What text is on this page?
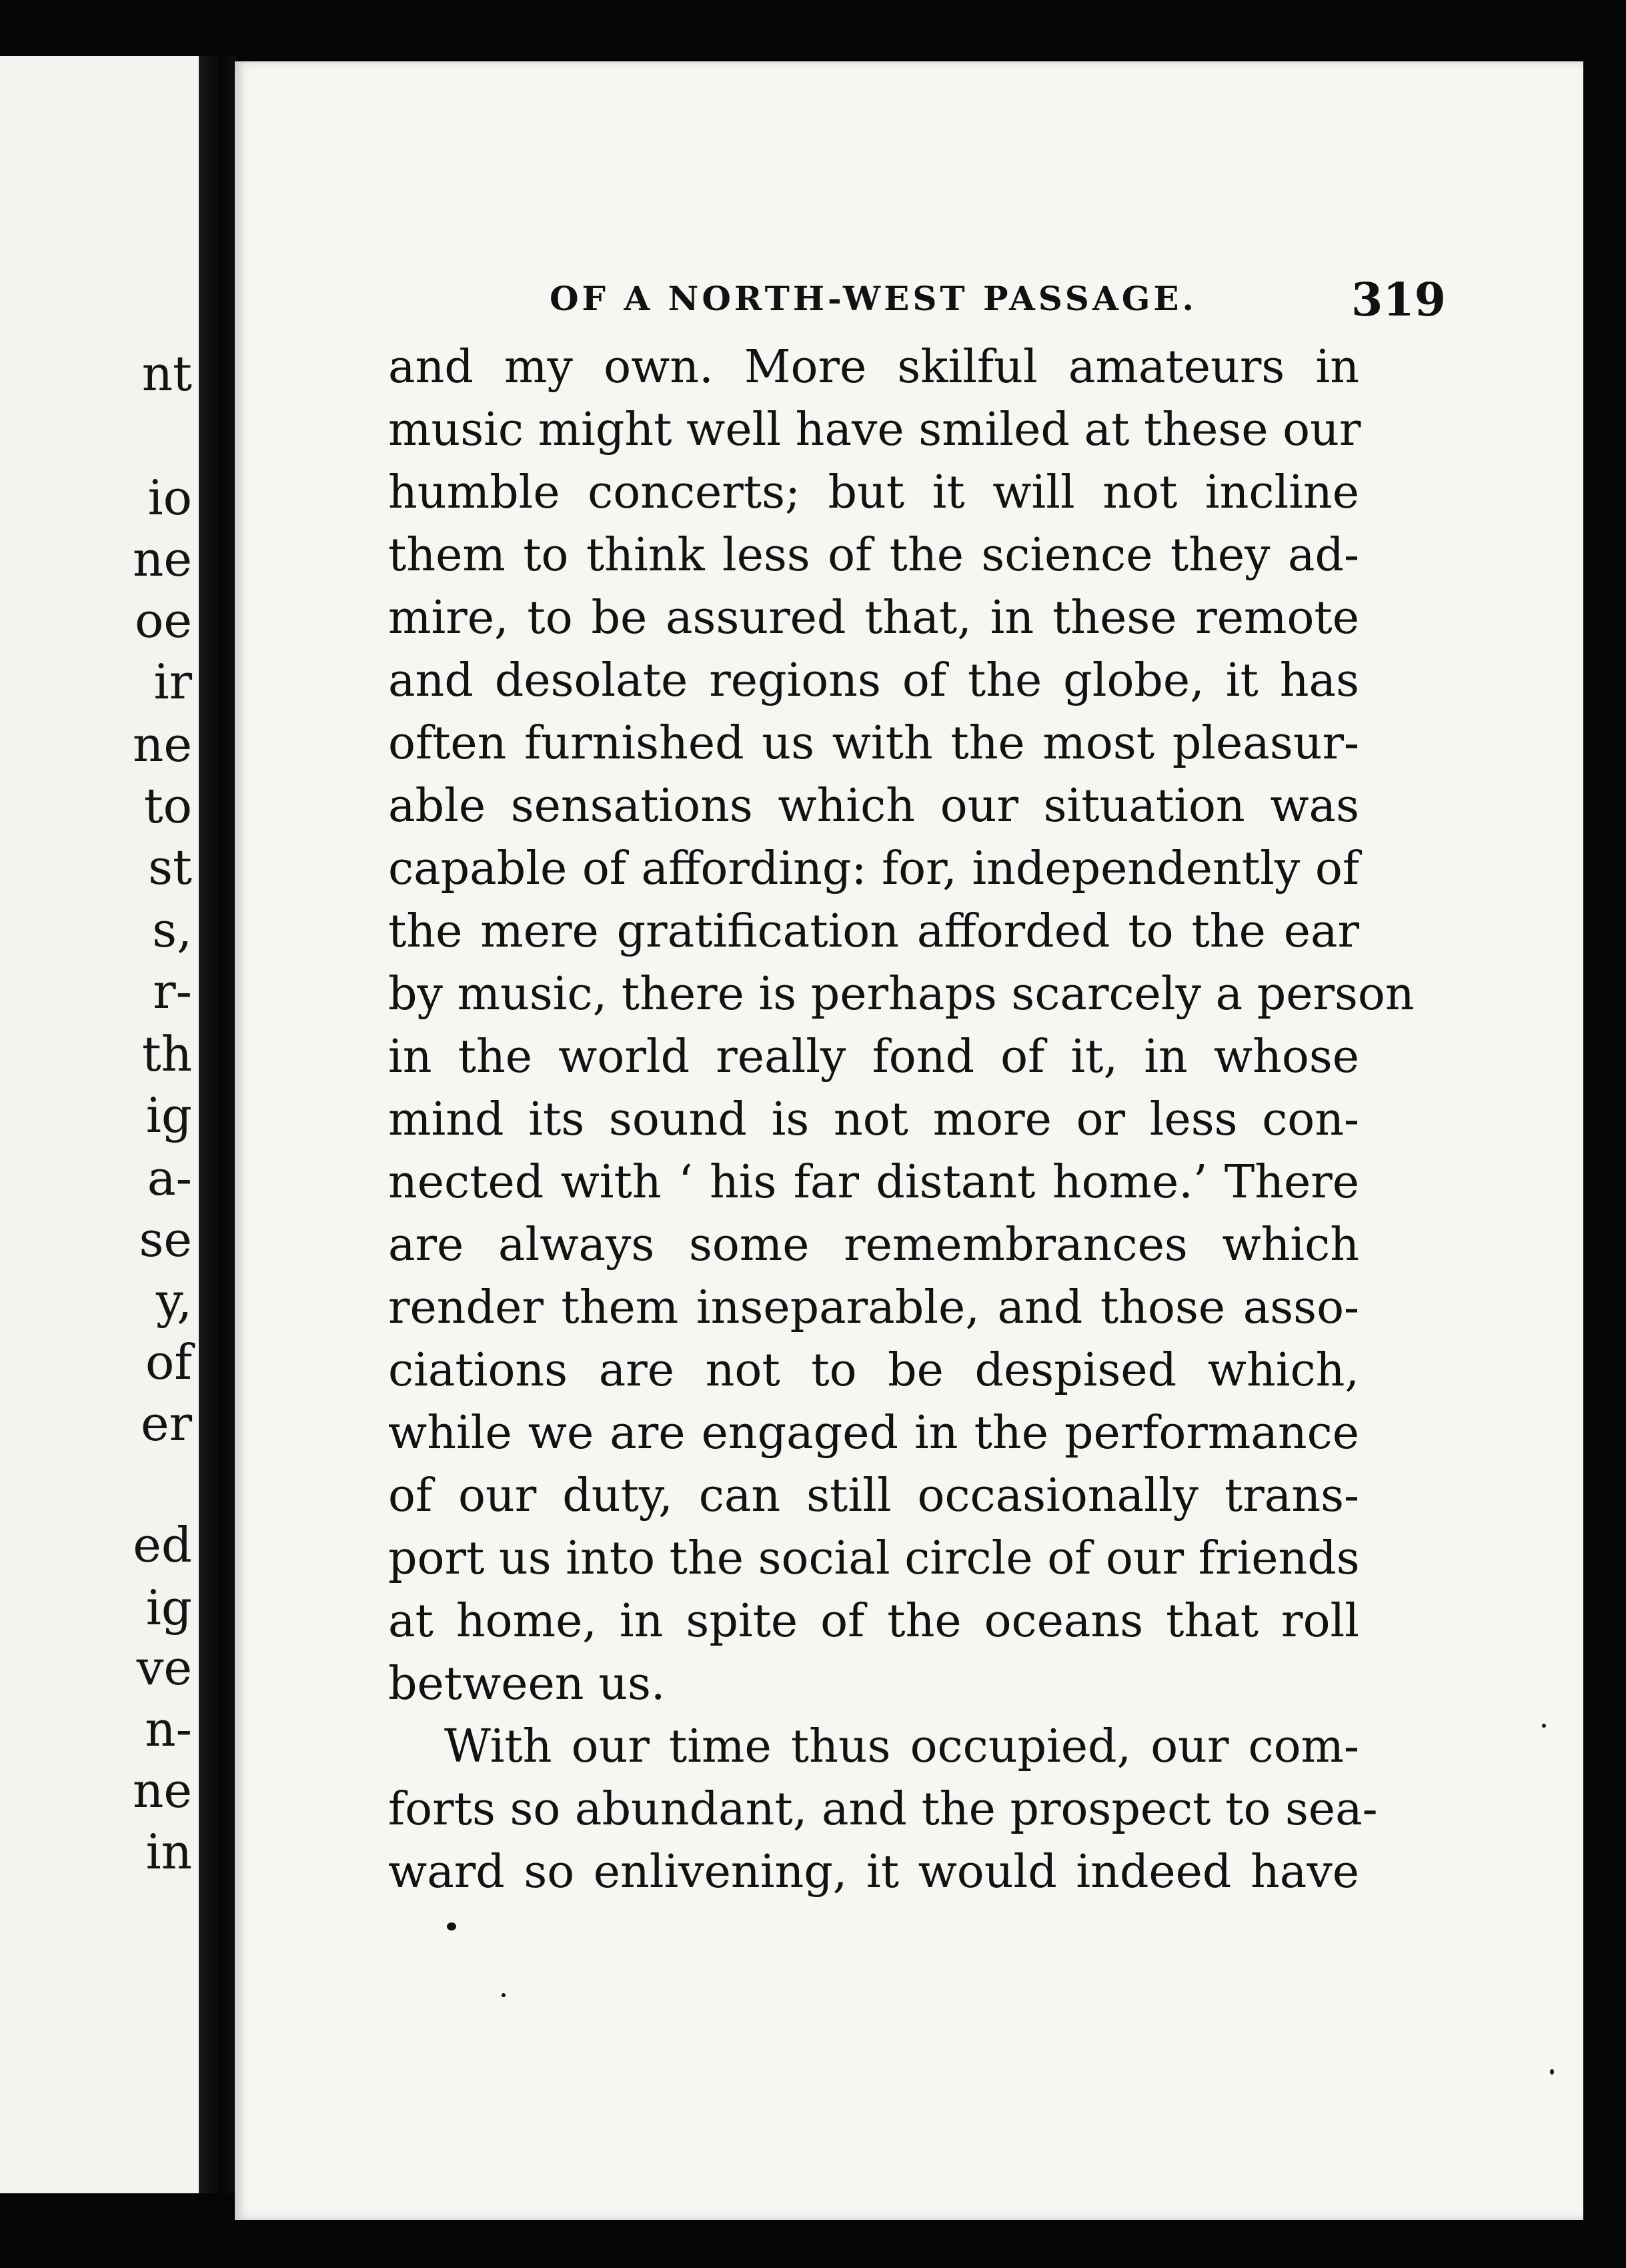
nt
io
ne
oe
ir
ne
to
st
s,
r-
th
ig
a-
se
y,
of
er
ed
ig
ve
n-
ne
in
OF A NORTH-WEST PASSAGE.	319
and my own. More skilful amateurs in
music might well have smiled at these our
humble concerts; but it will not incline
them to think less of the science they ad-
mire, to be assured that, in these remote
and desolate regions of the globe, it has
often furnished us with the most pleasur-
able sensations which our situation was
capable of affording: for, independently of
the mere gratification afforded to the ear
by music, there is perhaps scarcely a person
in the world really fond of it, in whose
mind its sound is not more or less con-
nected with ‘ his far distant home.’ There
are always some remembrances which
render them inseparable, and those asso-
ciations are not to be despised which,
while we are engaged in the performance
of our duty, can still occasionally trans-
port us into the social circle of our friends
at home, in spite of the oceans that roll
between us.
With our time thus occupied, our com-
forts so abundant, and the prospect to sea-
ward so enlivening, it would indeed have
